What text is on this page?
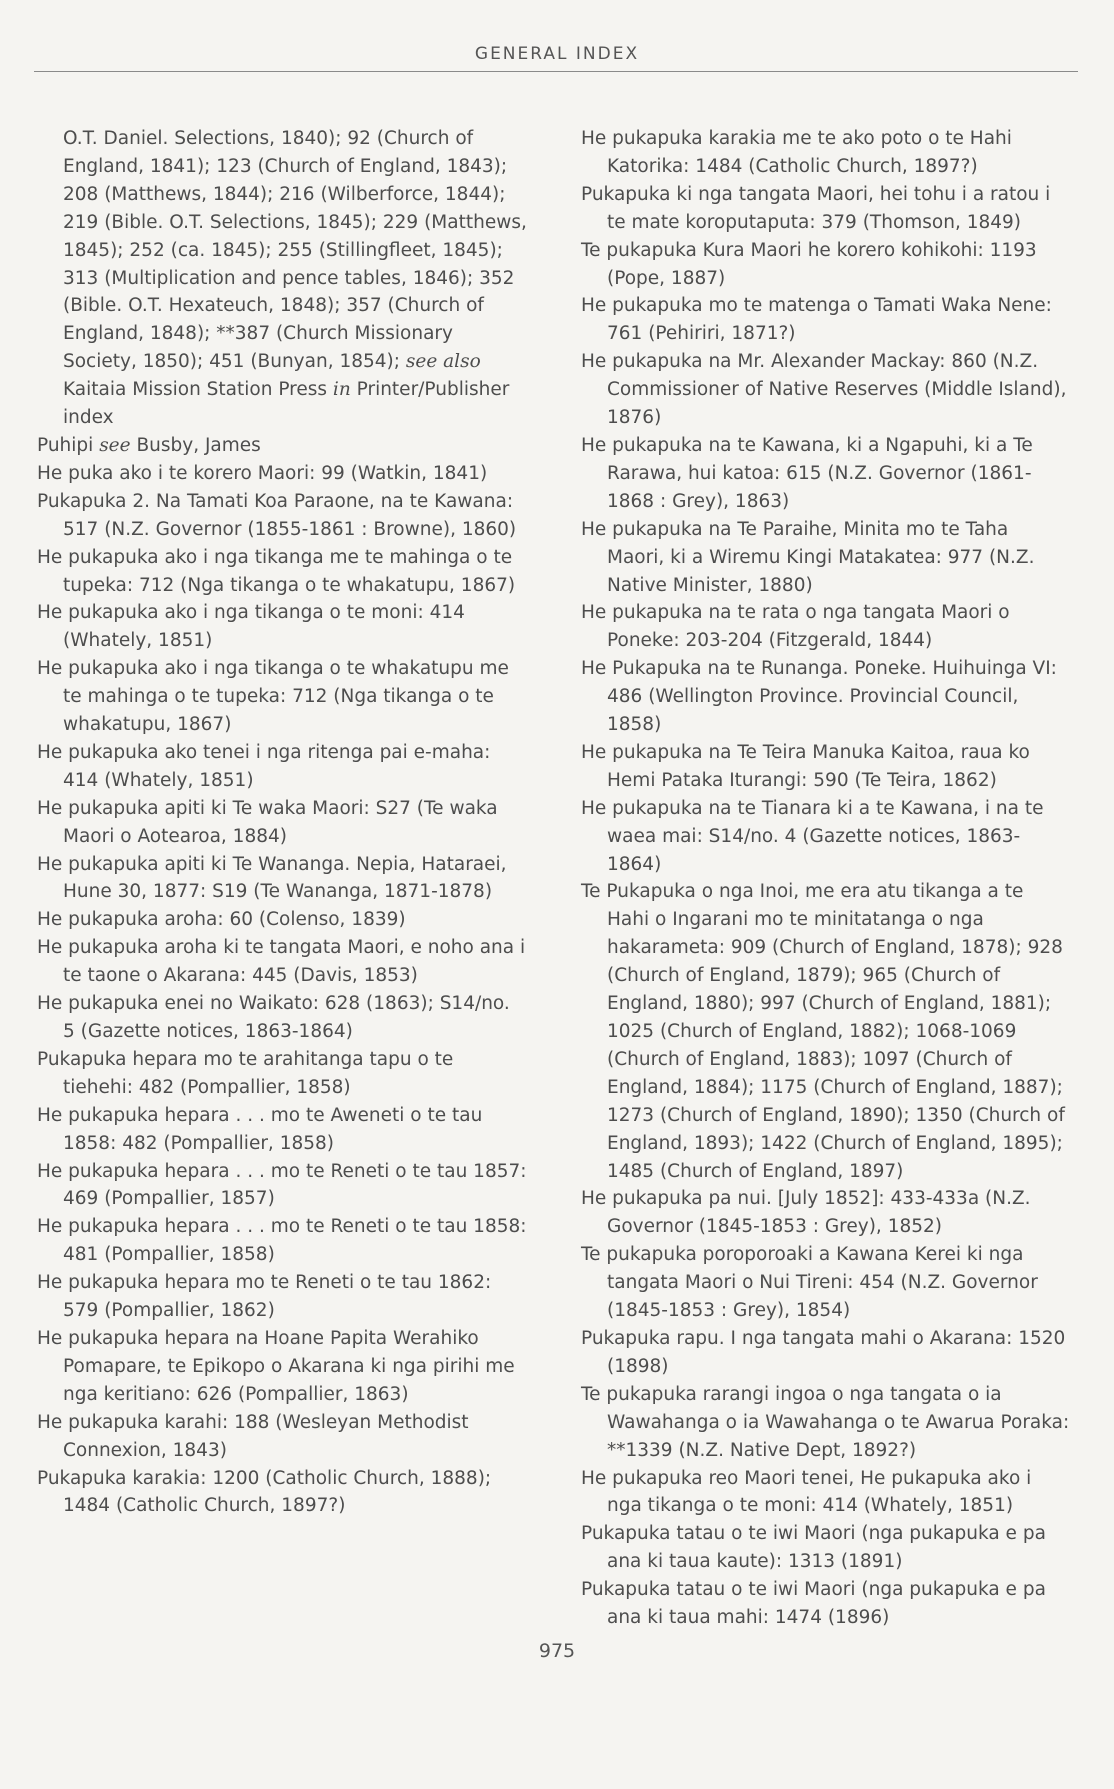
GENERAL INDEX
O.T. Daniel. Selections, 1840); 92 (Church of England, 1841); 123 (Church of England, 1843); 208 (Matthews, 1844); 216 (Wilberforce, 1844); 219 (Bible. O.T. Selections, 1845); 229 (Matthews, 1845); 252 (ca. 1845); 255 (Stillingfleet, 1845); 313 (Multiplication and pence tables, 1846); 352 (Bible. O.T. Hexateuch, 1848); 357 (Church of England, 1848); **387 (Church Missionary Society, 1850); 451 (Bunyan, 1854); see also Kaitaia Mission Station Press in Printer/Publisher index
Puhipi see Busby, James
He puka ako i te korero Maori: 99 (Watkin, 1841)
Pukapuka 2. Na Tamati Koa Paraone, na te Kawana: 517 (N.Z. Governor (1855-1861 : Browne), 1860)
He pukapuka ako i nga tikanga me te mahinga o te tupeka: 712 (Nga tikanga o te whakatupu, 1867)
He pukapuka ako i nga tikanga o te moni: 414 (Whately, 1851)
He pukapuka ako i nga tikanga o te whakatupu me te mahinga o te tupeka: 712 (Nga tikanga o te whakatupu, 1867)
He pukapuka ako tenei i nga ritenga pai e-maha: 414 (Whately, 1851)
He pukapuka apiti ki Te waka Maori: S27 (Te waka Maori o Aotearoa, 1884)
He pukapuka apiti ki Te Wananga. Nepia, Hataraei, Hune 30, 1877: S19 (Te Wananga, 1871-1878)
He pukapuka aroha: 60 (Colenso, 1839)
He pukapuka aroha ki te tangata Maori, e noho ana i te taone o Akarana: 445 (Davis, 1853)
He pukapuka enei no Waikato: 628 (1863); S14/no. 5 (Gazette notices, 1863-1864)
Pukapuka hepara mo te arahitanga tapu o te tiehehi: 482 (Pompallier, 1858)
He pukapuka hepara . . . mo te Aweneti o te tau 1858: 482 (Pompallier, 1858)
He pukapuka hepara . . . mo te Reneti o te tau 1857: 469 (Pompallier, 1857)
He pukapuka hepara . . . mo te Reneti o te tau 1858: 481 (Pompallier, 1858)
He pukapuka hepara mo te Reneti o te tau 1862: 579 (Pompallier, 1862)
He pukapuka hepara na Hoane Papita Werahiko Pomapare, te Epikopo o Akarana ki nga pirihi me nga keritiano: 626 (Pompallier, 1863)
He pukapuka karahi: 188 (Wesleyan Methodist Connexion, 1843)
Pukapuka karakia: 1200 (Catholic Church, 1888); 1484 (Catholic Church, 1897?)
He pukapuka karakia me te ako poto o te Hahi Katorika: 1484 (Catholic Church, 1897?)
Pukapuka ki nga tangata Maori, hei tohu i a ratou i te mate koroputaputa: 379 (Thomson, 1849)
Te pukapuka Kura Maori he korero kohikohi: 1193 (Pope, 1887)
He pukapuka mo te matenga o Tamati Waka Nene: 761 (Pehiriri, 1871?)
He pukapuka na Mr. Alexander Mackay: 860 (N.Z. Commissioner of Native Reserves (Middle Island), 1876)
He pukapuka na te Kawana, ki a Ngapuhi, ki a Te Rarawa, hui katoa: 615 (N.Z. Governor (1861-1868 : Grey), 1863)
He pukapuka na Te Paraihe, Minita mo te Taha Maori, ki a Wiremu Kingi Matakatea: 977 (N.Z. Native Minister, 1880)
He pukapuka na te rata o nga tangata Maori o Poneke: 203-204 (Fitzgerald, 1844)
He Pukapuka na te Runanga. Poneke. Huihuinga VI: 486 (Wellington Province. Provincial Council, 1858)
He pukapuka na Te Teira Manuka Kaitoa, raua ko Hemi Pataka Iturangi: 590 (Te Teira, 1862)
He pukapuka na te Tianara ki a te Kawana, i na te waea mai: S14/no. 4 (Gazette notices, 1863-1864)
Te Pukapuka o nga Inoi, me era atu tikanga a te Hahi o Ingarani mo te minitatanga o nga hakarameta: 909 (Church of England, 1878); 928 (Church of England, 1879); 965 (Church of England, 1880); 997 (Church of England, 1881); 1025 (Church of England, 1882); 1068-1069 (Church of England, 1883); 1097 (Church of England, 1884); 1175 (Church of England, 1887); 1273 (Church of England, 1890); 1350 (Church of England, 1893); 1422 (Church of England, 1895); 1485 (Church of England, 1897)
He pukapuka pa nui. [July 1852]: 433-433a (N.Z. Governor (1845-1853 : Grey), 1852)
Te pukapuka poroporoaki a Kawana Kerei ki nga tangata Maori o Nui Tireni: 454 (N.Z. Governor (1845-1853 : Grey), 1854)
Pukapuka rapu. I nga tangata mahi o Akarana: 1520 (1898)
Te pukapuka rarangi ingoa o nga tangata o ia Wawahanga o ia Wawahanga o te Awarua Poraka: **1339 (N.Z. Native Dept, 1892?)
He pukapuka reo Maori tenei, He pukapuka ako i nga tikanga o te moni: 414 (Whately, 1851)
Pukapuka tatau o te iwi Maori (nga pukapuka e pa ana ki taua kaute): 1313 (1891)
Pukapuka tatau o te iwi Maori (nga pukapuka e pa ana ki taua mahi: 1474 (1896)
975
